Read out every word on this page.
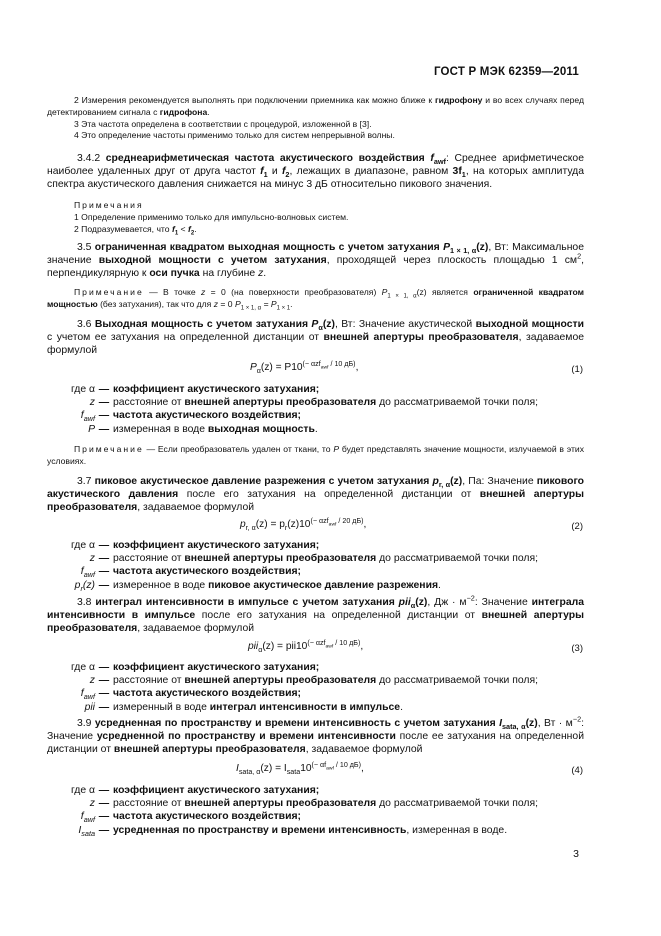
ГОСТ Р МЭК 62359—2011

2 Измерения рекомендуется выполнять при подключении приемника как можно ближе к гидрофону и во всех случаях перед детектированием сигнала с гидрофона.

3 Эта частота определена в соответствии с процедурой, изложенной в [3].

4 Это определение частоты применимо только для систем непрерывной волны.

3.4.2 среднеарифметическая частота акустического воздействия $f_{awf}$: Среднее арифметическое наиболее удаленных друг от друга частот $f_1$ и $f_2$, лежащих в диапазоне, равном $3f_1$, на которых амплитуда спектра акустического давления снижается на минус 3 дБ относительно пикового значения.

Примечания

1 Определение применимо только для импульсно-волновых систем.

2 Подразумевается, что $f_1 < f_2$.

3.5 ограниченная квадратом выходная мощность с учетом затухания $P_{1 \times 1, \alpha}(z)$, Вт: Максимальное значение выходной мощности с учетом затухания, проходящей через плоскость площадью 1 $см^2$, перпендикулярную к оси пучка на глубине z.

Примечание — В точке z = 0 (на поверхности преобразователя) $P_{1 \times 1, \alpha}(z)$ является ограниченной квадратом мощностью (без затухания), так что для z = 0 $P_{1 \times 1, \alpha} = P_{1 \times 1}$.

3.6 Выходная мощность с учетом затухания $P_\alpha(z)$, Вт: Значение акустической выходной мощности с учетом ее затухания на определенной дистанции от внешней апертуры преобразователя, задаваемое формулой

$P_\alpha(z) = P10^{(- \alpha zf_{awf} / 10 дБ)}$,	(1)
где α — коэффициент акустического затухания;
z — расстояние от внешней апертуры преобразователя до рассматриваемой точки поля;
$f_{awf}$ — частота акустического воздействия;
P — измеренная в воде выходная мощность.

Примечание — Если преобразователь удален от ткани, то P будет представлять значение мощности, излучаемой в этих условиях.

3.7 пиковое акустическое давление разрежения с учетом затухания $p_{r, \alpha}(z)$, Па: Значение пикового акустического давления после его затухания на определенной дистанции от внешней апертуры преобразователя, задаваемое формулой

$p_{r, \alpha}(z) = p_r(z)10^{(- \alpha zf_{awf} / 20 дБ)}$,	(2)
где α — коэффициент акустического затухания;
z — расстояние от внешней апертуры преобразователя до рассматриваемой точки поля;
$f_{awf}$ — частота акустического воздействия;
$p_r(z)$ — измеренное в воде пиковое акустическое давление разрежения.

3.8 интеграл интенсивности в импульсе с учетом затухания pii$_\alpha$(z), Дж · $м^{-2}$: Значение интеграла интенсивности в импульсе после его затухания на определенной дистанции от внешней апертуры преобразователя, задаваемое формулой

$pii_\alpha(z) = pii10^{(- \alpha zf_{awf} / 10 дБ)}$,	(3)
где α — коэффициент акустического затухания;
z — расстояние от внешней апертуры преобразователя до рассматриваемой точки поля;
$f_{awf}$ — частота акустического воздействия;
pii — измеренный в воде интеграл интенсивности в импульсе.

3.9 усредненная по пространству и времени интенсивность с учетом затухания $I_{sata, \alpha}(z)$, Вт · $м^{-2}$: Значение усредненной по пространству и времени интенсивности после ее затухания на определенной дистанции от внешней апертуры преобразователя, задаваемое формулой

$I_{sata, \alpha}(z) = I_{sata}10^{(- \alpha f_{awf} / 10 дБ)}$,	(4)
где α — коэффициент акустического затухания;
z — расстояние от внешней апертуры преобразователя до рассматриваемой точки поля;
$f_{awf}$ — частота акустического воздействия;
$I_{sata}$ — усредненная по пространству и времени интенсивность, измеренная в воде.
3
